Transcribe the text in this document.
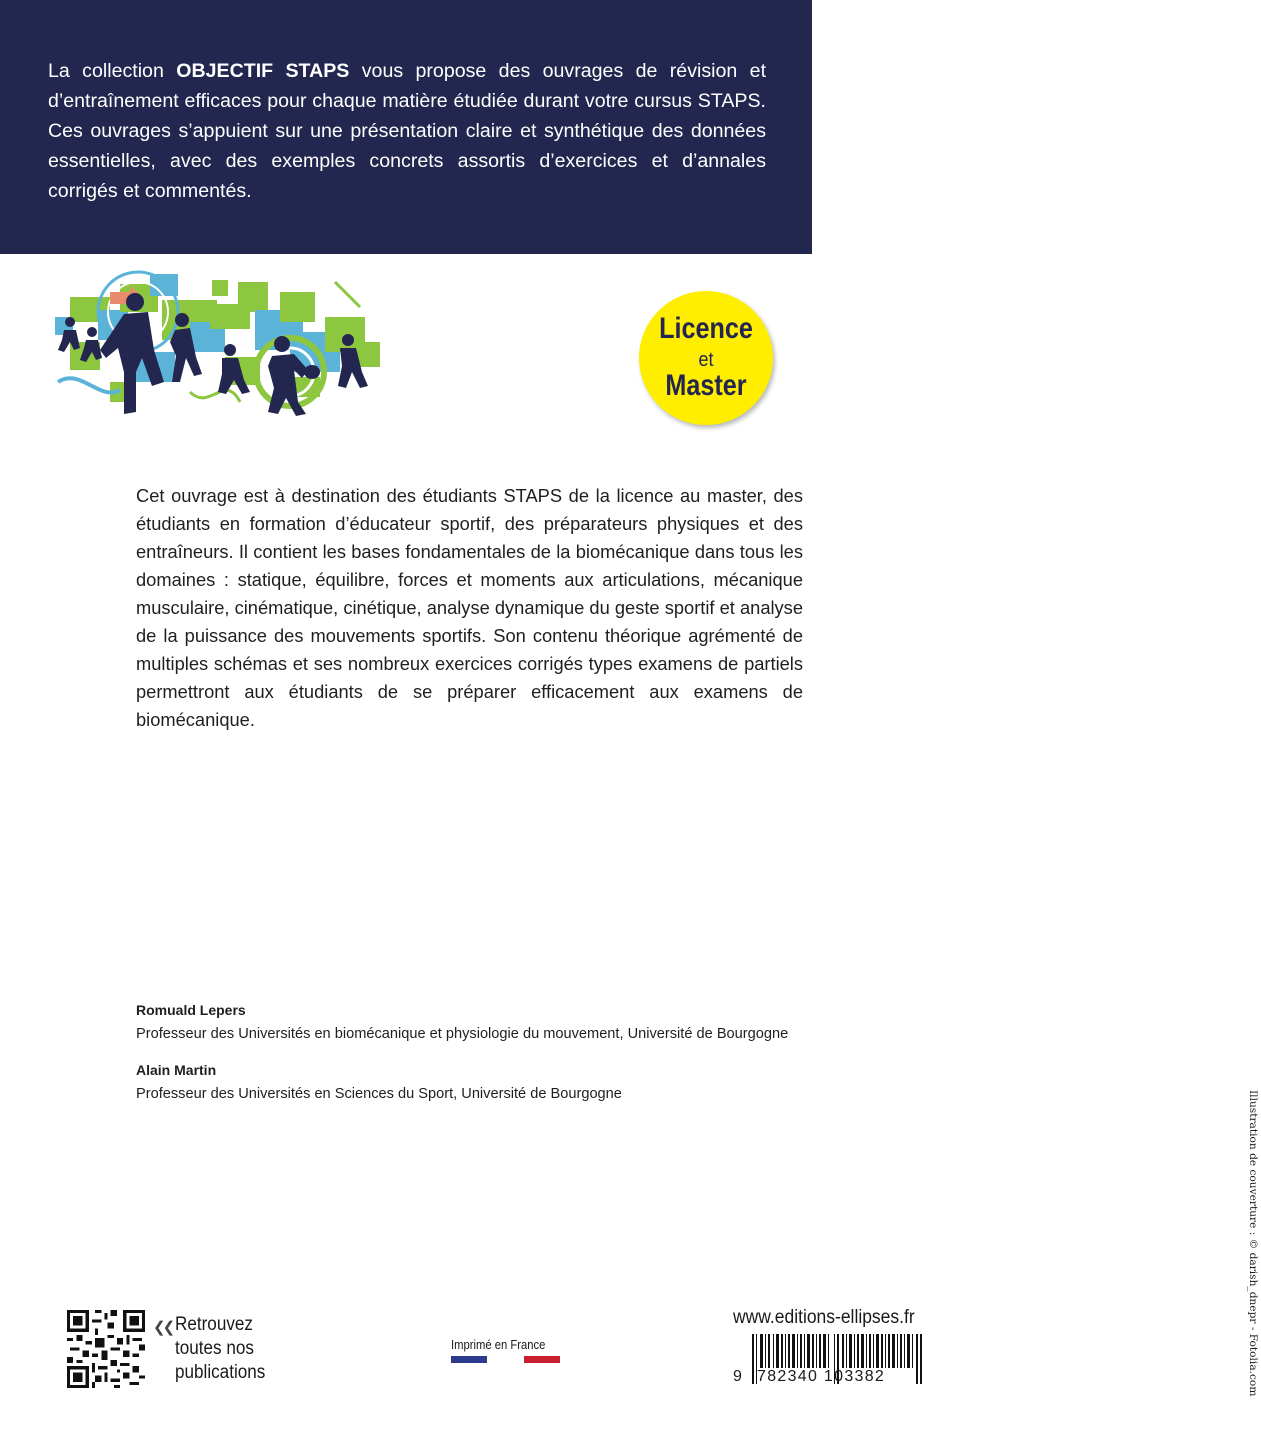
La collection OBJECTIF STAPS vous propose des ouvrages de révision et d’entraînement efficaces pour chaque matière étudiée durant votre cursus STAPS. Ces ouvrages s’appuient sur une présentation claire et synthétique des données essentielles, avec des exemples concrets assortis d’exercices et d’annales corrigés et commentés.

Licence
et
Master

Cet ouvrage est à destination des étudiants STAPS de la licence au master, des étudiants en formation d’éducateur sportif, des préparateurs physiques et des entraîneurs. Il contient les bases fondamentales de la biomécanique dans tous les domaines : statique, équilibre, forces et moments aux articulations, mécanique musculaire, cinématique, cinétique, analyse dynamique du geste sportif et analyse de la puissance des mouvements sportifs. Son contenu théorique agrémenté de multiples schémas et ses nombreux exercices corrigés types examens de partiels permettront aux étudiants de se préparer efficacement aux examens de biomécanique.

Romuald Lepers
Professeur des Universités en biomécanique et physiologie du mouvement, Université de Bourgogne
Alain Martin
Professeur des Universités en Sciences du Sport, Université de Bourgogne
❮❮ Retrouvez
toutes nos
publications
Imprimé en France
www.editions-ellipses.fr
9 782340 103382	Illustration de couverture : © darish_dnepr - Fotolia.com
